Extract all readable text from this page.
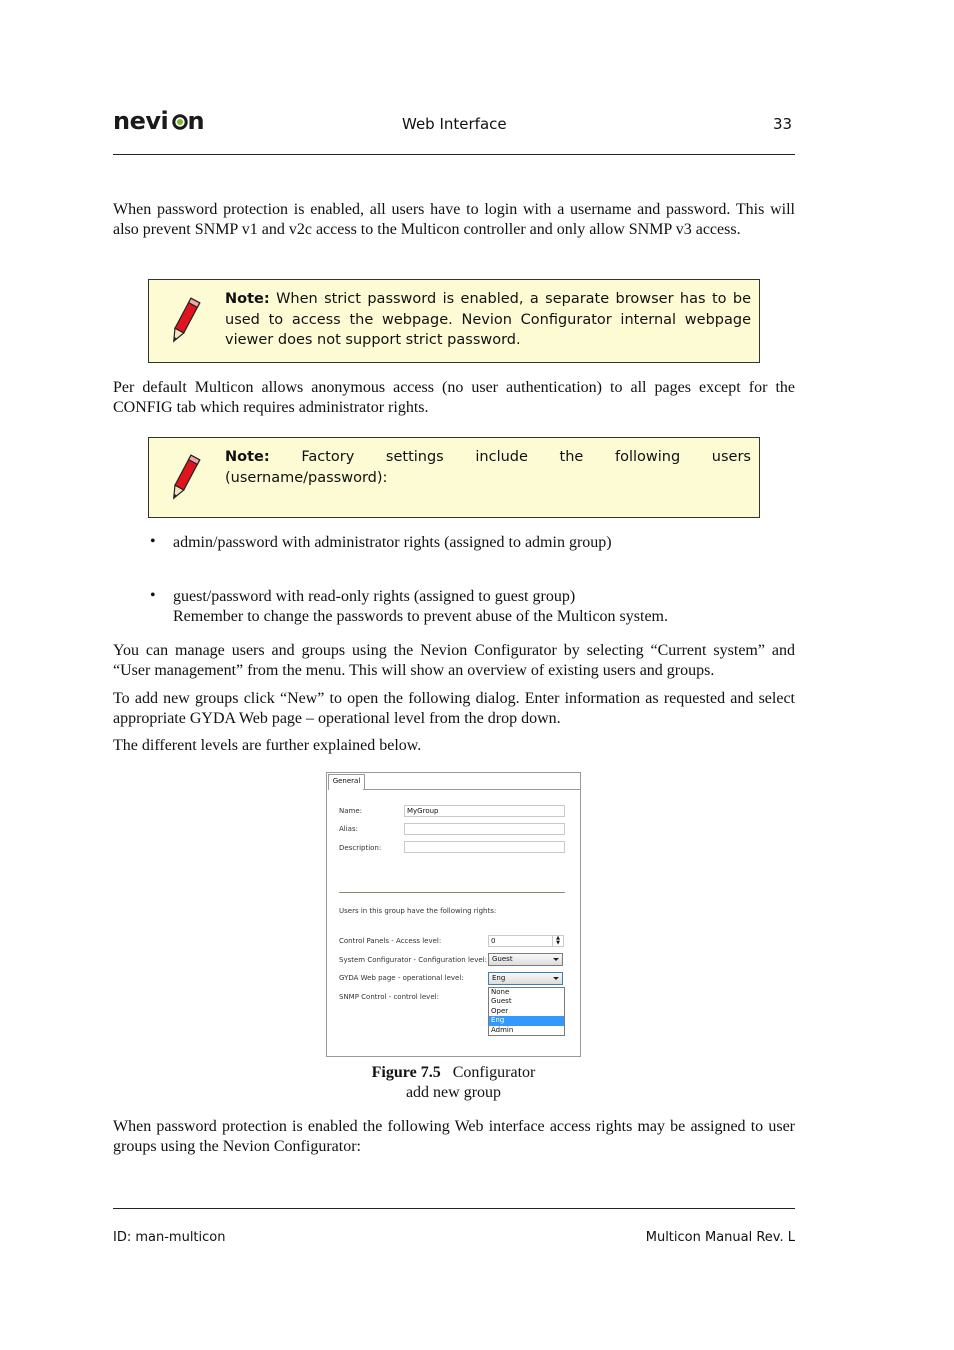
nevi n	Web Interface	33
When password protection is enabled, all users have to login with a username and password. This will also prevent SNMP v1 and v2c access to the Multicon controller and only allow SNMP v3 access.
Note: When strict password is enabled, a separate browser has to be used to access the webpage. Nevion Configurator internal webpage viewer does not support strict password.
Per default Multicon allows anonymous access (no user authentication) to all pages except for the CONFIG tab which requires administrator rights.
Note: Factory settings include the following users (username/password):
• admin/password with administrator rights (assigned to admin group)
• guest/password with read-only rights (assigned to guest group)
Remember to change the passwords to prevent abuse of the Multicon system.
You can manage users and groups using the Nevion Configurator by selecting “Current system” and “User management” from the menu. This will show an overview of existing users and groups.
To add new groups click “New” to open the following dialog. Enter information as requested and select appropriate GYDA Web page – operational level from the drop down.
The different levels are further explained below.
General
Name:	MyGroup
Alias:
Description:
Users in this group have the following rights:
Control Panels - Access level:	0	▲
▼
System Configurator - Configuration level: Guest
GYDA Web page - operational level:	Eng
SNMP Control - control level:
None
Guest
Oper
Eng
Admin
Figure 7.5 Configurator
add new group
When password protection is enabled the following Web interface access rights may be assigned to user groups using the Nevion Configurator:
ID: man-multicon	Multicon Manual Rev. L
